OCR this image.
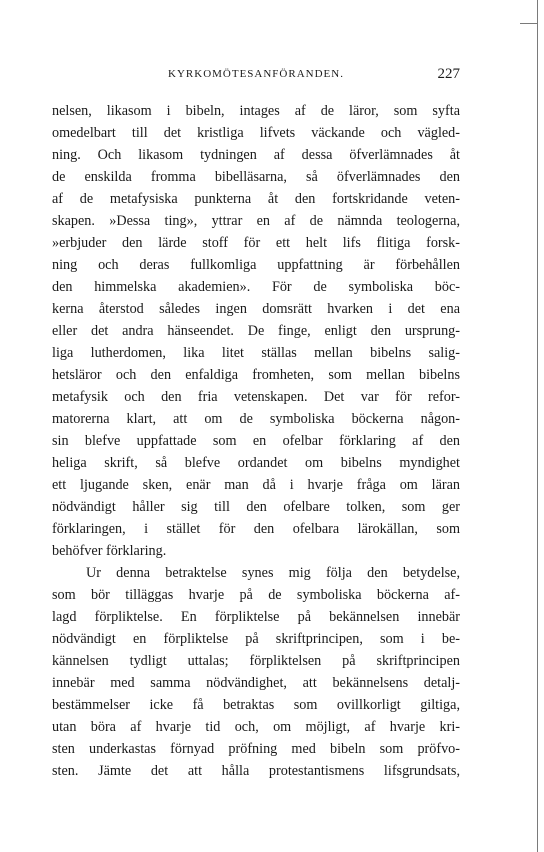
KYRKOMÖTESANFÖRANDEN.	227
nelsen, likasom i bibeln, intages af de läror, som syfta
omedelbart till det kristliga lifvets väckande och vägled-
ning. Och likasom tydningen af dessa öfverlämnades åt
de enskilda fromma bibelläsarna, så öfverlämnades den
af de metafysiska punkterna åt den fortskridande veten-
skapen. »Dessa ting», yttrar en af de nämnda teologerna,
»erbjuder den lärde stoff för ett helt lifs flitiga forsk-
ning och deras fullkomliga uppfattning är förbehållen
den himmelska akademien». För de symboliska böc-
kerna återstod således ingen domsrätt hvarken i det ena
eller det andra hänseendet. De finge, enligt den ursprung-
liga lutherdomen, lika litet ställas mellan bibelns salig-
hetsläror och den enfaldiga fromheten, som mellan bibelns
metafysik och den fria vetenskapen. Det var för refor-
matorerna klart, att om de symboliska böckerna någon-
sin blefve uppfattade som en ofelbar förklaring af den
heliga skrift, så blefve ordandet om bibelns myndighet
ett ljugande sken, enär man då i hvarje fråga om läran
nödvändigt håller sig till den ofelbare tolken, som ger
förklaringen, i stället för den ofelbara lärokällan, som
behöfver förklaring.
Ur denna betraktelse synes mig följa den betydelse,
som bör tilläggas hvarje på de symboliska böckerna af-
lagd förpliktelse. En förpliktelse på bekännelsen innebär
nödvändigt en förpliktelse på skriftprincipen, som i be-
kännelsen tydligt uttalas; förpliktelsen på skriftprincipen
innebär med samma nödvändighet, att bekännelsens detalj-
bestämmelser icke få betraktas som ovillkorligt giltiga,
utan böra af hvarje tid och, om möjligt, af hvarje kri-
sten underkastas förnyad pröfning med bibeln som pröfvo-
sten. Jämte det att hålla protestantismens lifsgrundsats,
